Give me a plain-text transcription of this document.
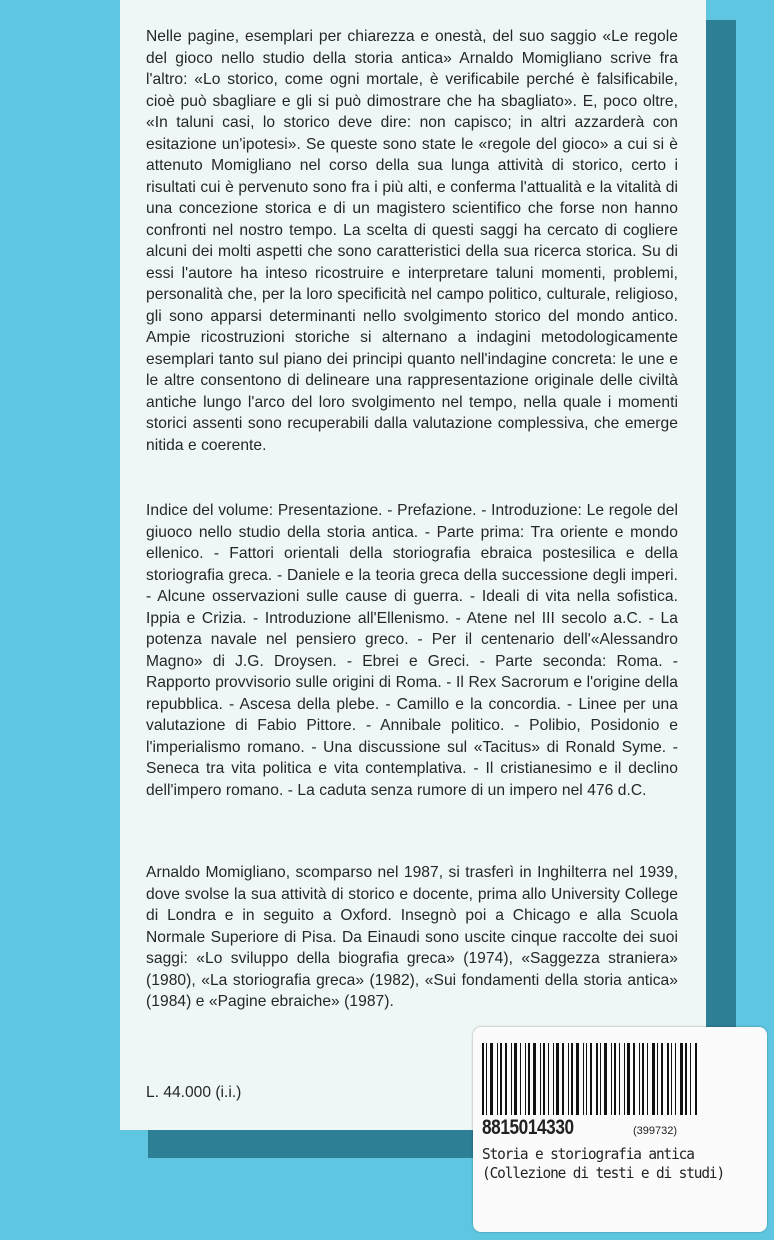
Nelle pagine, esemplari per chiarezza e onestà, del suo saggio «Le regole del gioco nello studio della storia antica» Arnaldo Momigliano scrive fra l'altro: «Lo storico, come ogni mortale, è verificabile perché è falsificabile, cioè può sbagliare e gli si può dimostrare che ha sbagliato». E, poco oltre, «In taluni casi, lo storico deve dire: non capisco; in altri azzarderà con esitazione un'ipotesi». Se queste sono state le «regole del gioco» a cui si è attenuto Momigliano nel corso della sua lunga attività di storico, certo i risultati cui è pervenuto sono fra i più alti, e conferma l'attualità e la vitalità di una concezione storica e di un magistero scientifico che forse non hanno confronti nel nostro tempo. La scelta di questi saggi ha cercato di cogliere alcuni dei molti aspetti che sono caratteristici della sua ricerca storica. Su di essi l'autore ha inteso ricostruire e interpretare taluni momenti, problemi, personalità che, per la loro specificità nel campo politico, culturale, religioso, gli sono apparsi determinanti nello svolgimento storico del mondo antico. Ampie ricostruzioni storiche si alternano a indagini metodologicamente esemplari tanto sul piano dei principi quanto nell'indagine concreta: le une e le altre consentono di delineare una rappresentazione originale delle civiltà antiche lungo l'arco del loro svolgimento nel tempo, nella quale i momenti storici assenti sono recuperabili dalla valutazione complessiva, che emerge nitida e coerente.

Indice del volume: Presentazione. - Prefazione. - Introduzione: Le regole del giuoco nello studio della storia antica. - Parte prima: Tra oriente e mondo ellenico. - Fattori orientali della storiografia ebraica postesilica e della storiografia greca. - Daniele e la teoria greca della successione degli imperi. - Alcune osservazioni sulle cause di guerra. - Ideali di vita nella sofistica. Ippia e Crizia. - Introduzione all'Ellenismo. - Atene nel III secolo a.C. - La potenza navale nel pensiero greco. - Per il centenario dell'«Alessandro Magno» di J.G. Droysen. - Ebrei e Greci. - Parte seconda: Roma. - Rapporto provvisorio sulle origini di Roma. - Il Rex Sacrorum e l'origine della repubblica. - Ascesa della plebe. - Camillo e la concordia. - Linee per una valutazione di Fabio Pittore. - Annibale politico. - Polibio, Posidonio e l'imperialismo romano. - Una discussione sul «Tacitus» di Ronald Syme. - Seneca tra vita politica e vita contemplativa. - Il cristianesimo e il declino dell'impero romano. - La caduta senza rumore di un impero nel 476 d.C.

Arnaldo Momigliano, scomparso nel 1987, si trasferì in Inghilterra nel 1939, dove svolse la sua attività di storico e docente, prima allo University College di Londra e in seguito a Oxford. Insegnò poi a Chicago e alla Scuola Normale Superiore di Pisa. Da Einaudi sono uscite cinque raccolte dei suoi saggi: «Lo sviluppo della biografia greca» (1974), «Saggezza straniera» (1980), «La storiografia greca» (1982), «Sui fondamenti della storia antica» (1984) e «Pagine ebraiche» (1987).

L. 44.000 (i.i.)
8815014330	(399732)
Storia e storiografia antica
(Collezione di testi e di studi)
